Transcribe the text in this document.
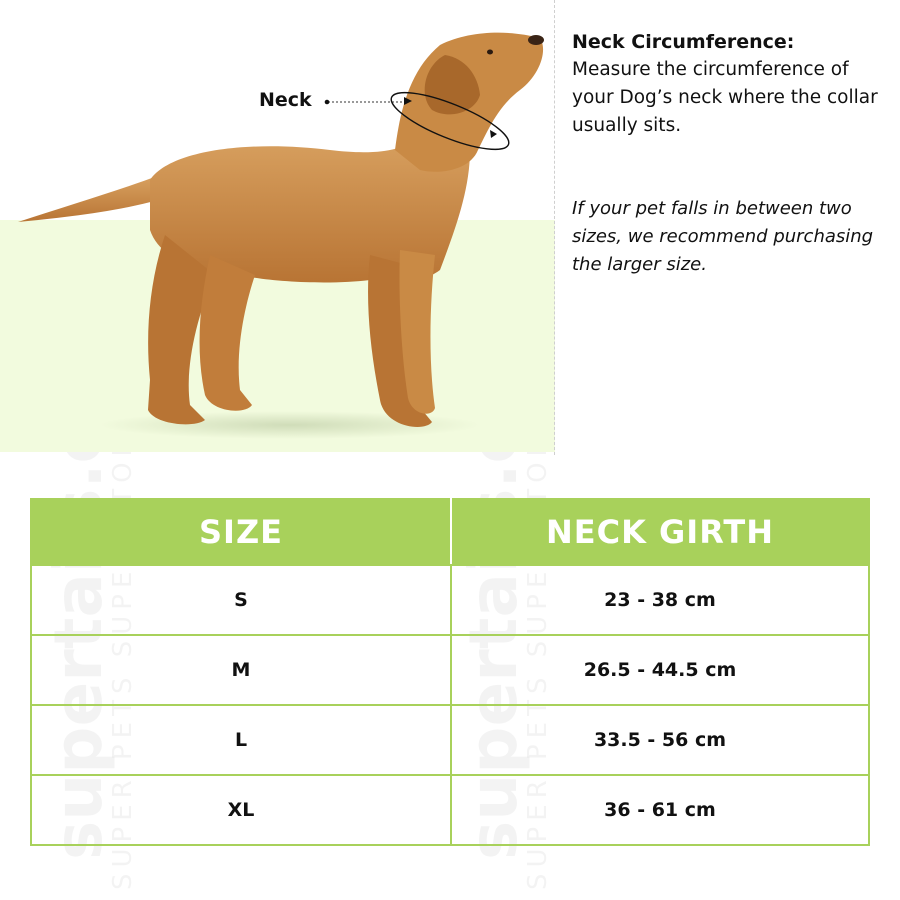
Neck
Neck Circumference:
Measure the circumference of your Dog’s neck where the collar usually sits.
If your pet falls in between two sizes, we recommend purchasing the larger size.
SIZE	NECK GIRTH
S	23 - 38 cm
M	26.5 - 44.5 cm
L	33.5 - 56 cm
XL	36 - 61 cm
